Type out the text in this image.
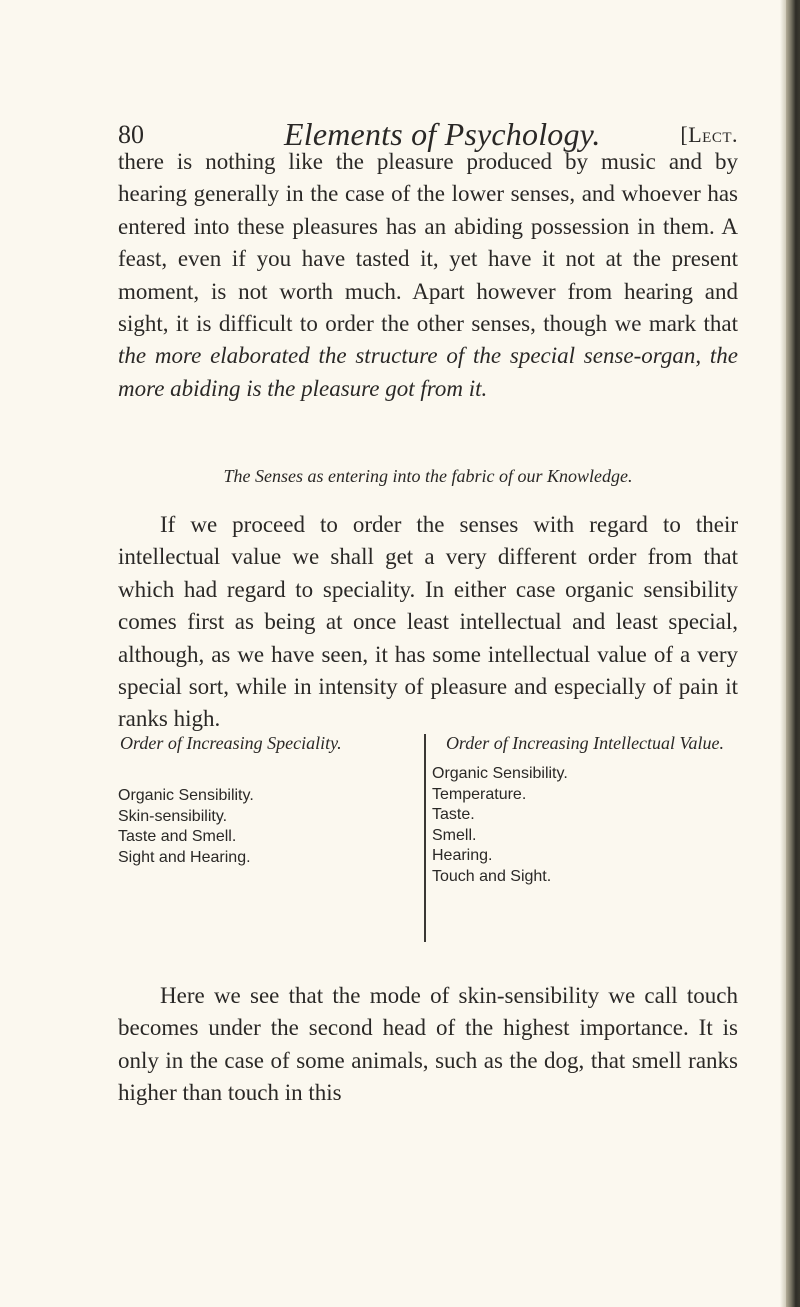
80	Elements of Psychology.	[Lect.
there is nothing like the pleasure produced by music and by hearing generally in the case of the lower senses, and whoever has entered into these pleasures has an abiding possession in them. A feast, even if you have tasted it, yet have it not at the present moment, is not worth much. Apart however from hearing and sight, it is difficult to order the other senses, though we mark that the more elaborated the structure of the special sense-organ, the more abiding is the pleasure got from it.
The Senses as entering into the fabric of our Knowledge.
If we proceed to order the senses with regard to their intellectual value we shall get a very different order from that which had regard to speciality. In either case organic sensibility comes first as being at once least intellectual and least special, although, as we have seen, it has some intellectual value of a very special sort, while in intensity of pleasure and especially of pain it ranks high.
Order of Increasing Speciality.
Organic Sensibility.
Skin-sensibility.
Taste and Smell.
Sight and Hearing.
Order of Increasing Intellectual Value.
Organic Sensibility.
Temperature.
Taste.
Smell.
Hearing.
Touch and Sight.
Here we see that the mode of skin-sensibility we call touch becomes under the second head of the highest importance. It is only in the case of some animals, such as the dog, that smell ranks higher than touch in this
